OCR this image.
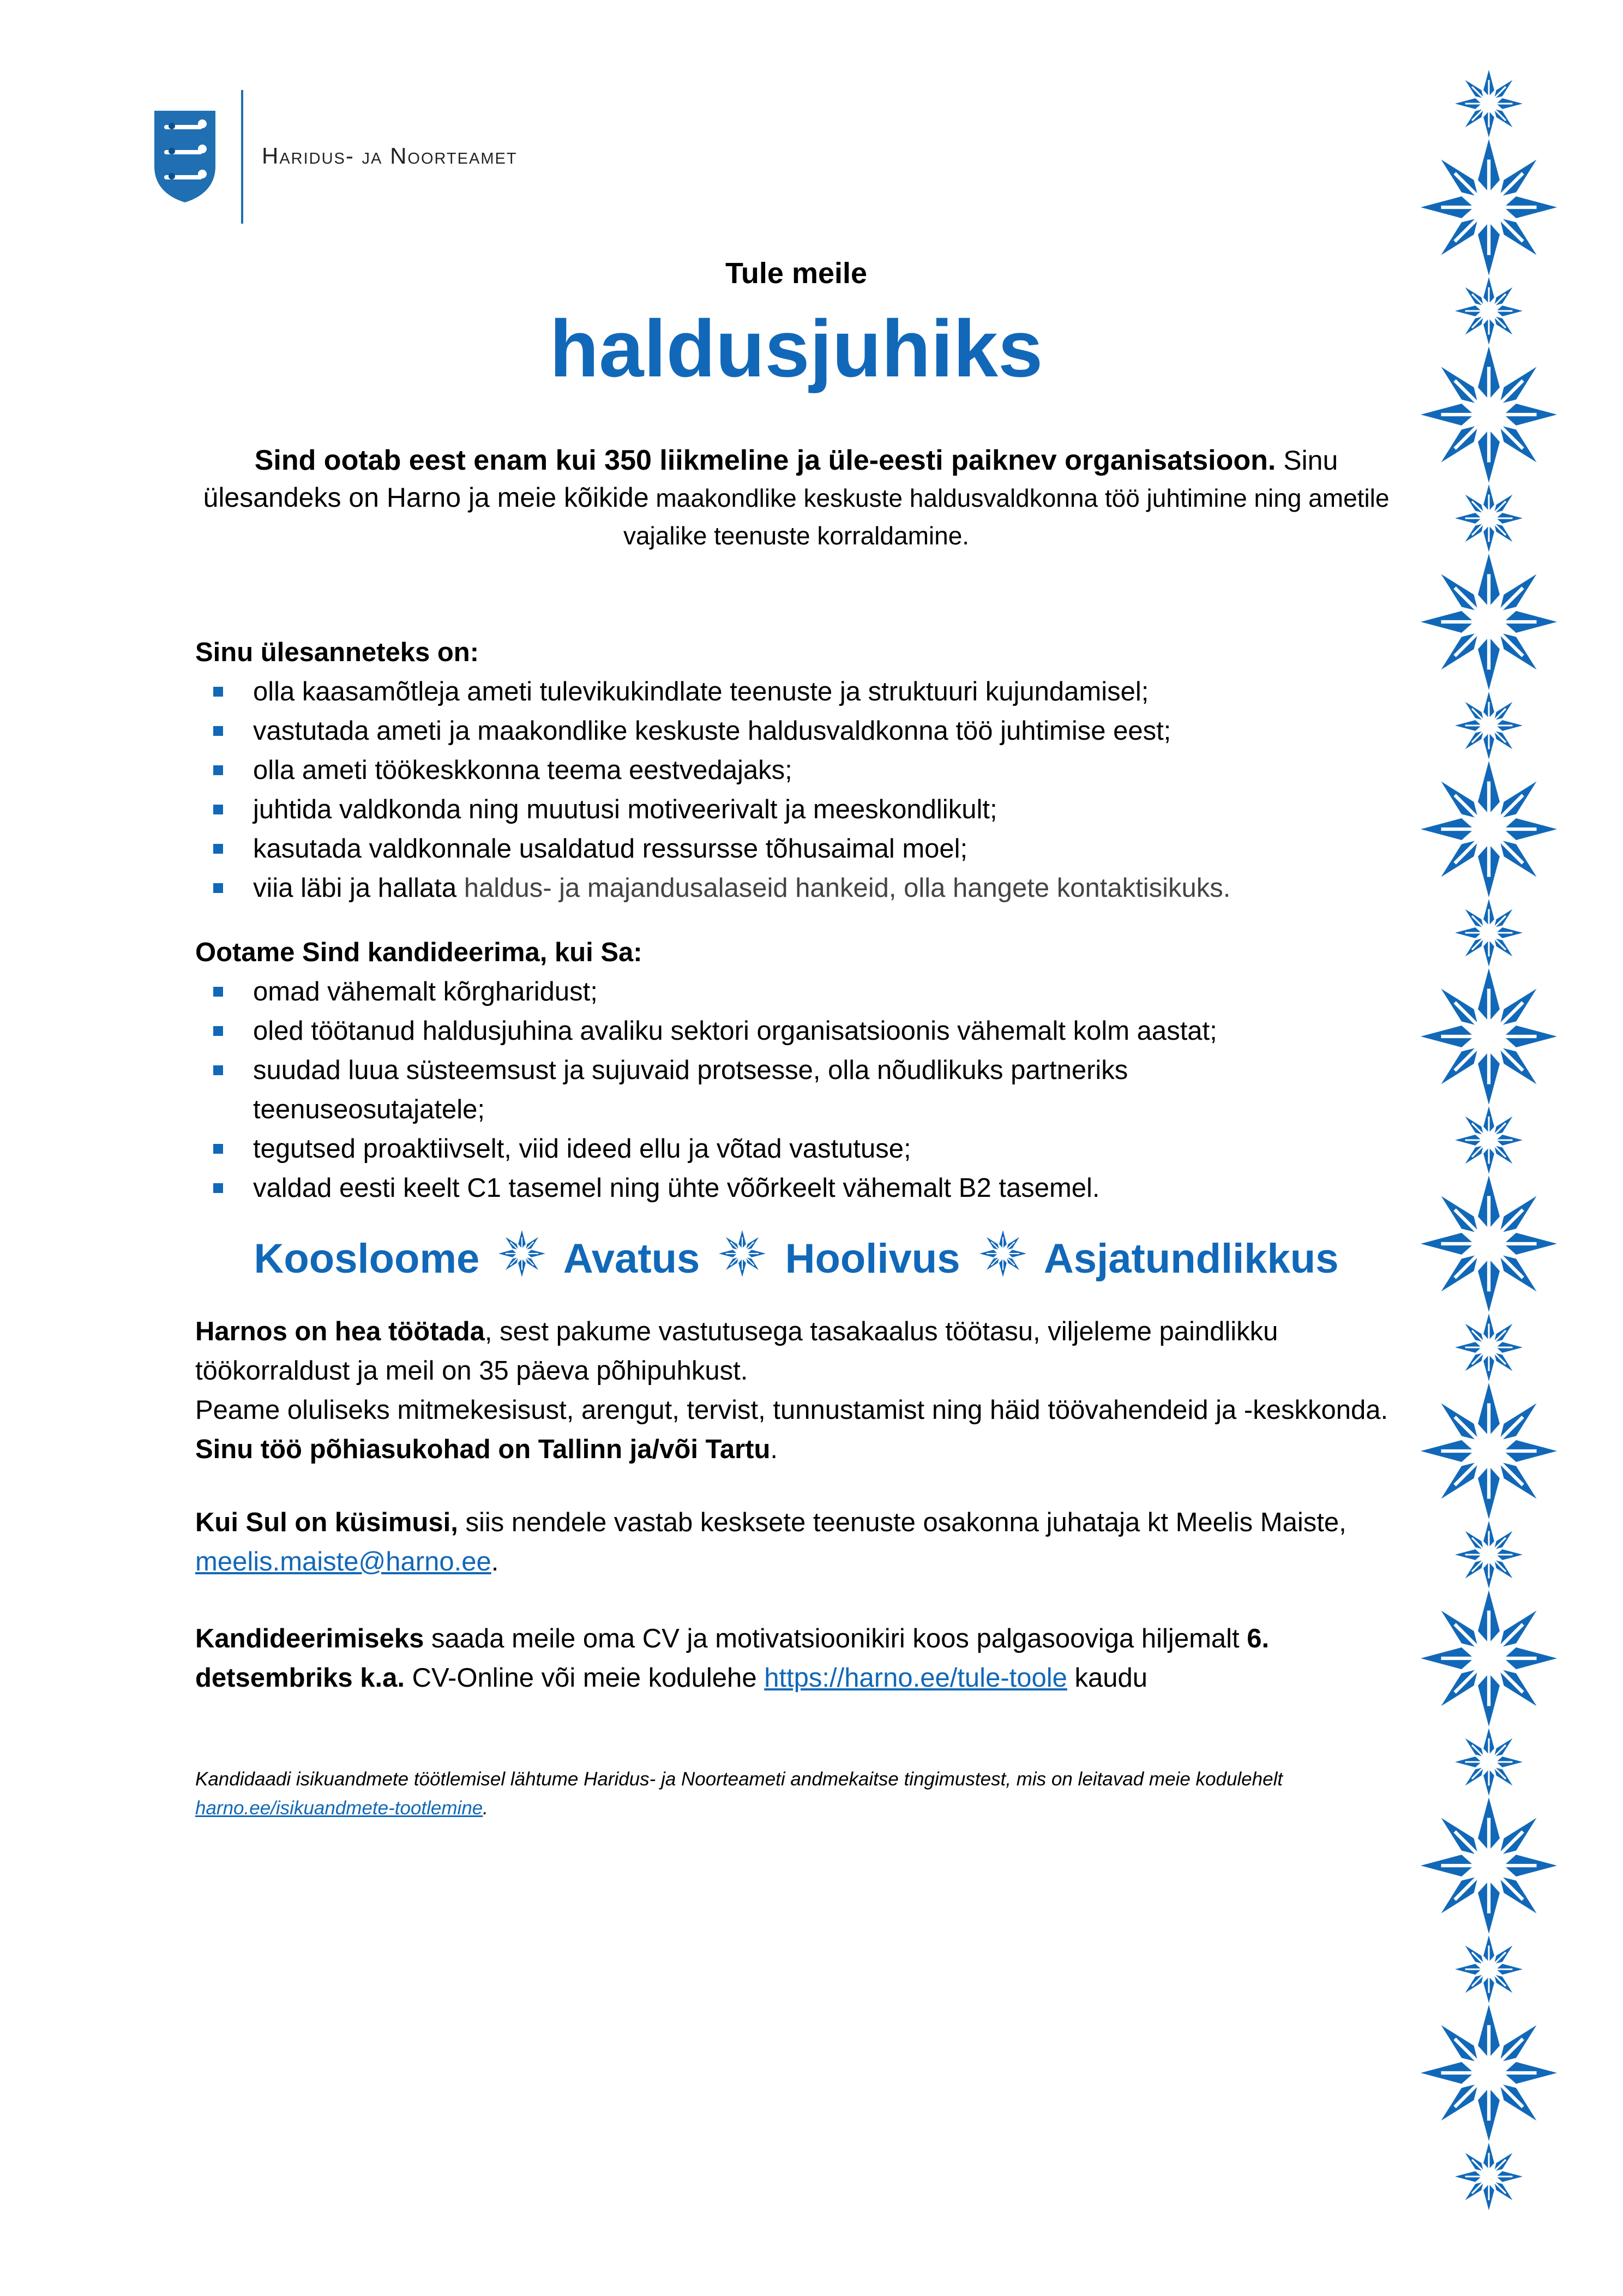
Haridus- ja Noorteamet
Tule meile
haldusjuhiks
Sind ootab eest enam kui 350 liikmeline ja üle-eesti paiknev organisatsioon. Sinu ülesandeks on Harno ja meie kõikide maakondlike keskuste haldusvaldkonna töö juhtimine ning ametile vajalike teenuste korraldamine.
Sinu ülesanneteks on:
olla kaasamõtleja ameti tulevikukindlate teenuste ja struktuuri kujundamisel;
vastutada ameti ja maakondlike keskuste haldusvaldkonna töö juhtimise eest;
olla ameti töökeskkonna teema eestvedajaks;
juhtida valdkonda ning muutusi motiveerivalt ja meeskondlikult;
kasutada valdkonnale usaldatud ressursse tõhusaimal moel;
viia läbi ja hallata haldus- ja majandusalaseid hankeid, olla hangete kontaktisikuks.
Ootame Sind kandideerima, kui Sa:
omad vähemalt kõrgharidust;
oled töötanud haldusjuhina avaliku sektori organisatsioonis vähemalt kolm aastat;
suudad luua süsteemsust ja sujuvaid protsesse, olla nõudlikuks partneriks teenuseosutajatele;
tegutsed proaktiivselt, viid ideed ellu ja võtad vastutuse;
valdad eesti keelt C1 tasemel ning ühte võõrkeelt vähemalt B2 tasemel.
Koosloome Avatus Hoolivus Asjatundlikkus
Harnos on hea töötada, sest pakume vastutusega tasakaalus töötasu, viljeleme paindlikku töökorraldust ja meil on 35 päeva põhipuhkust.
Peame oluliseks mitmekesisust, arengut, tervist, tunnustamist ning häid töövahendeid ja -keskkonda. Sinu töö põhiasukohad on Tallinn ja/või Tartu.
Kui Sul on küsimusi, siis nendele vastab kesksete teenuste osakonna juhataja kt Meelis Maiste, meelis.maiste@harno.ee.
Kandideerimiseks saada meile oma CV ja motivatsioonikiri koos palgasooviga hiljemalt 6. detsembriks k.a. CV-Online või meie kodulehe https://harno.ee/tule-toole kaudu
Kandidaadi isikuandmete töötlemisel lähtume Haridus- ja Noorteameti andmekaitse tingimustest, mis on leitavad meie kodulehelt harno.ee/isikuandmete-tootlemine.
